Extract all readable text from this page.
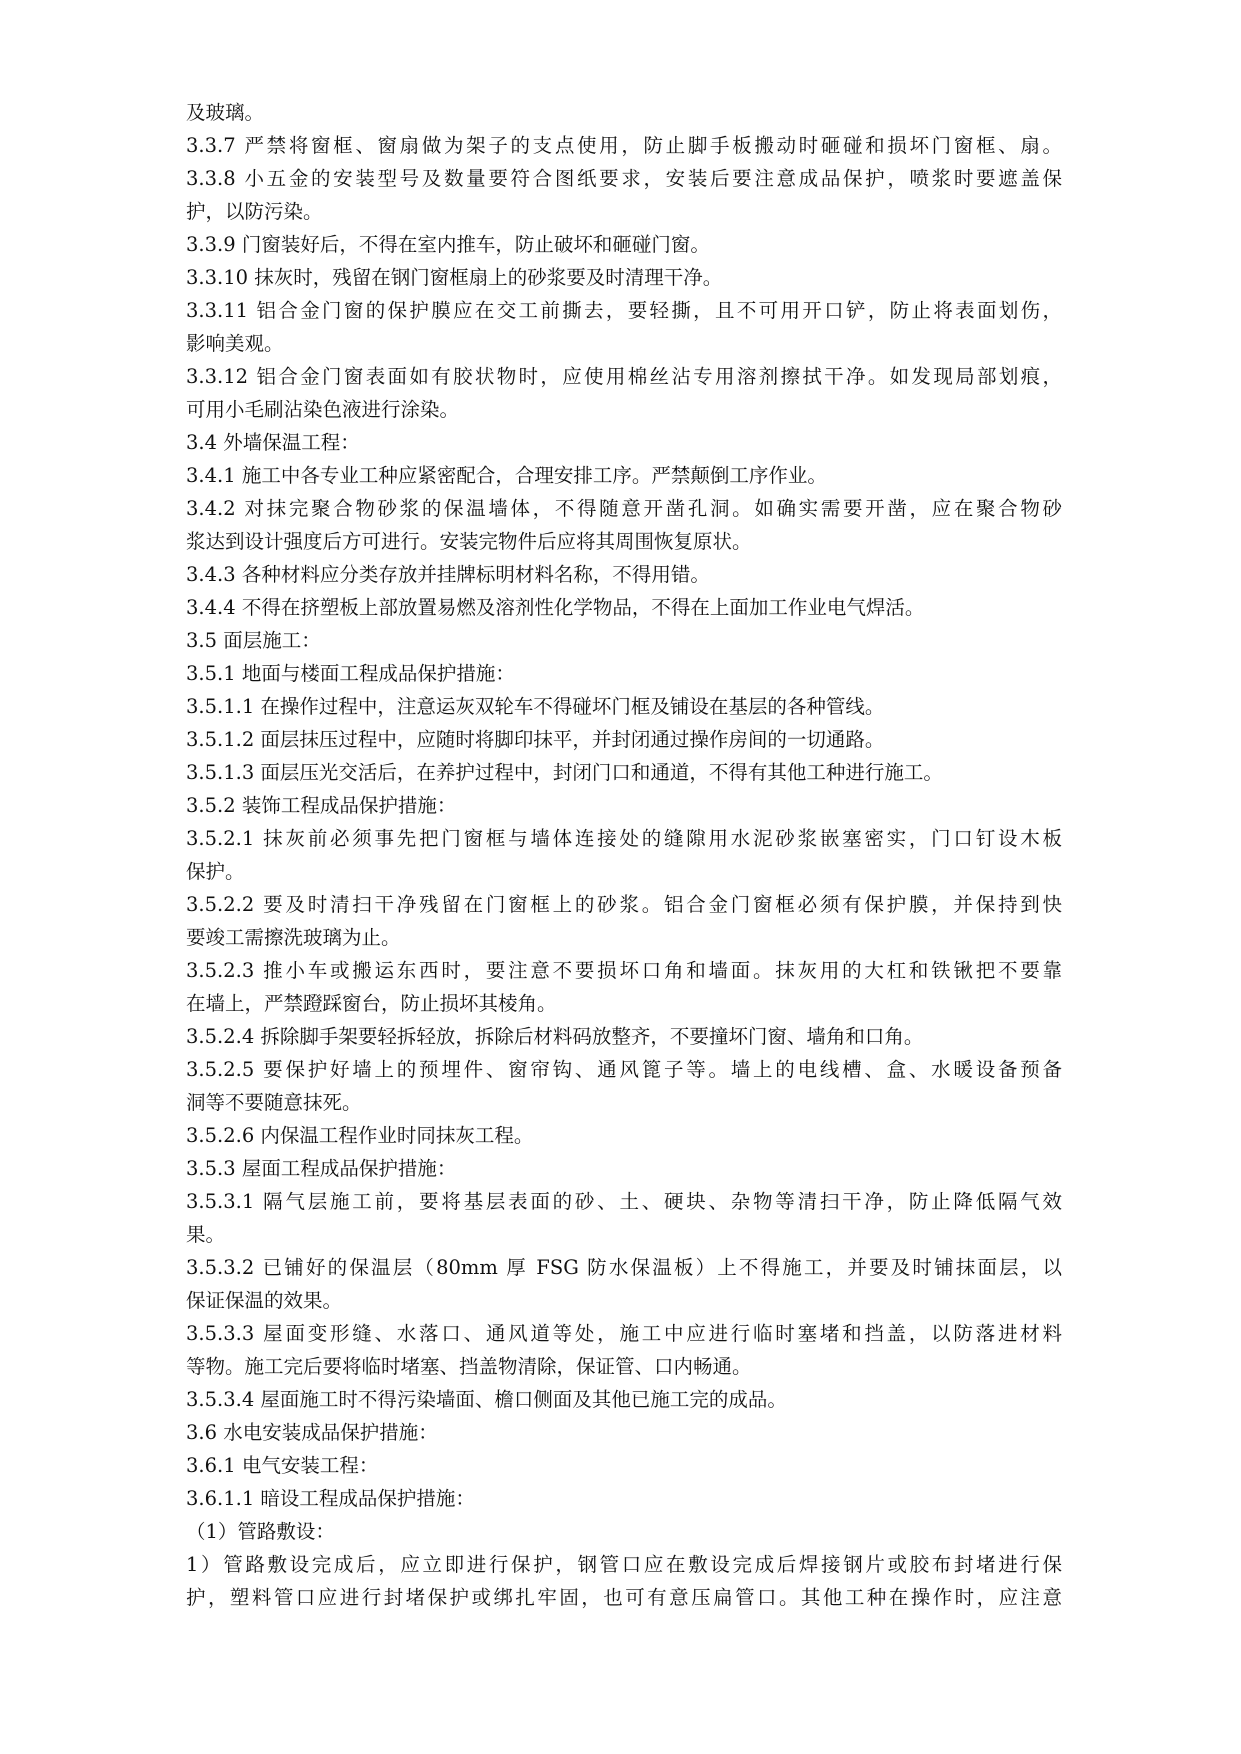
及玻璃。
3.3.7 严禁将窗框、窗扇做为架子的支点使用，防止脚手板搬动时砸碰和损坏门窗框、扇。
3.3.8 小五金的安装型号及数量要符合图纸要求，安装后要注意成品保护，喷浆时要遮盖保
护，以防污染。
3.3.9 门窗装好后，不得在室内推车，防止破坏和砸碰门窗。
3.3.10 抹灰时，残留在钢门窗框扇上的砂浆要及时清理干净。
3.3.11 铝合金门窗的保护膜应在交工前撕去，要轻撕，且不可用开口铲，防止将表面划伤，
影响美观。
3.3.12 铝合金门窗表面如有胶状物时，应使用棉丝沾专用溶剂擦拭干净。如发现局部划痕，
可用小毛刷沾染色液进行涂染。
3.4 外墙保温工程：
3.4.1 施工中各专业工种应紧密配合，合理安排工序。严禁颠倒工序作业。
3.4.2 对抹完聚合物砂浆的保温墙体，不得随意开凿孔洞。如确实需要开凿，应在聚合物砂
浆达到设计强度后方可进行。安装完物件后应将其周围恢复原状。
3.4.3 各种材料应分类存放并挂牌标明材料名称，不得用错。
3.4.4 不得在挤塑板上部放置易燃及溶剂性化学物品，不得在上面加工作业电气焊活。
3.5 面层施工：
3.5.1 地面与楼面工程成品保护措施：
3.5.1.1 在操作过程中，注意运灰双轮车不得碰坏门框及铺设在基层的各种管线。
3.5.1.2 面层抹压过程中，应随时将脚印抹平，并封闭通过操作房间的一切通路。
3.5.1.3 面层压光交活后，在养护过程中，封闭门口和通道，不得有其他工种进行施工。
3.5.2 装饰工程成品保护措施：
3.5.2.1 抹灰前必须事先把门窗框与墙体连接处的缝隙用水泥砂浆嵌塞密实，门口钉设木板
保护。
3.5.2.2 要及时清扫干净残留在门窗框上的砂浆。铝合金门窗框必须有保护膜，并保持到快
要竣工需擦洗玻璃为止。
3.5.2.3 推小车或搬运东西时，要注意不要损坏口角和墙面。抹灰用的大杠和铁锹把不要靠
在墙上，严禁蹬踩窗台，防止损坏其棱角。
3.5.2.4 拆除脚手架要轻拆轻放，拆除后材料码放整齐，不要撞坏门窗、墙角和口角。
3.5.2.5 要保护好墙上的预埋件、窗帘钩、通风篦子等。墙上的电线槽、盒、水暖设备预备
洞等不要随意抹死。
3.5.2.6 内保温工程作业时同抹灰工程。
3.5.3 屋面工程成品保护措施：
3.5.3.1 隔气层施工前，要将基层表面的砂、土、硬块、杂物等清扫干净，防止降低隔气效
果。
3.5.3.2 已铺好的保温层（80mm 厚 FSG 防水保温板）上不得施工，并要及时铺抹面层，以
保证保温的效果。
3.5.3.3 屋面变形缝、水落口、通风道等处，施工中应进行临时塞堵和挡盖，以防落进材料
等物。施工完后要将临时堵塞、挡盖物清除，保证管、口内畅通。
3.5.3.4 屋面施工时不得污染墙面、檐口侧面及其他已施工完的成品。
3.6 水电安装成品保护措施：
3.6.1 电气安装工程：
3.6.1.1 暗设工程成品保护措施：
（1）管路敷设：
1）管路敷设完成后，应立即进行保护，钢管口应在敷设完成后焊接钢片或胶布封堵进行保
护，塑料管口应进行封堵保护或绑扎牢固，也可有意压扁管口。其他工种在操作时，应注意
